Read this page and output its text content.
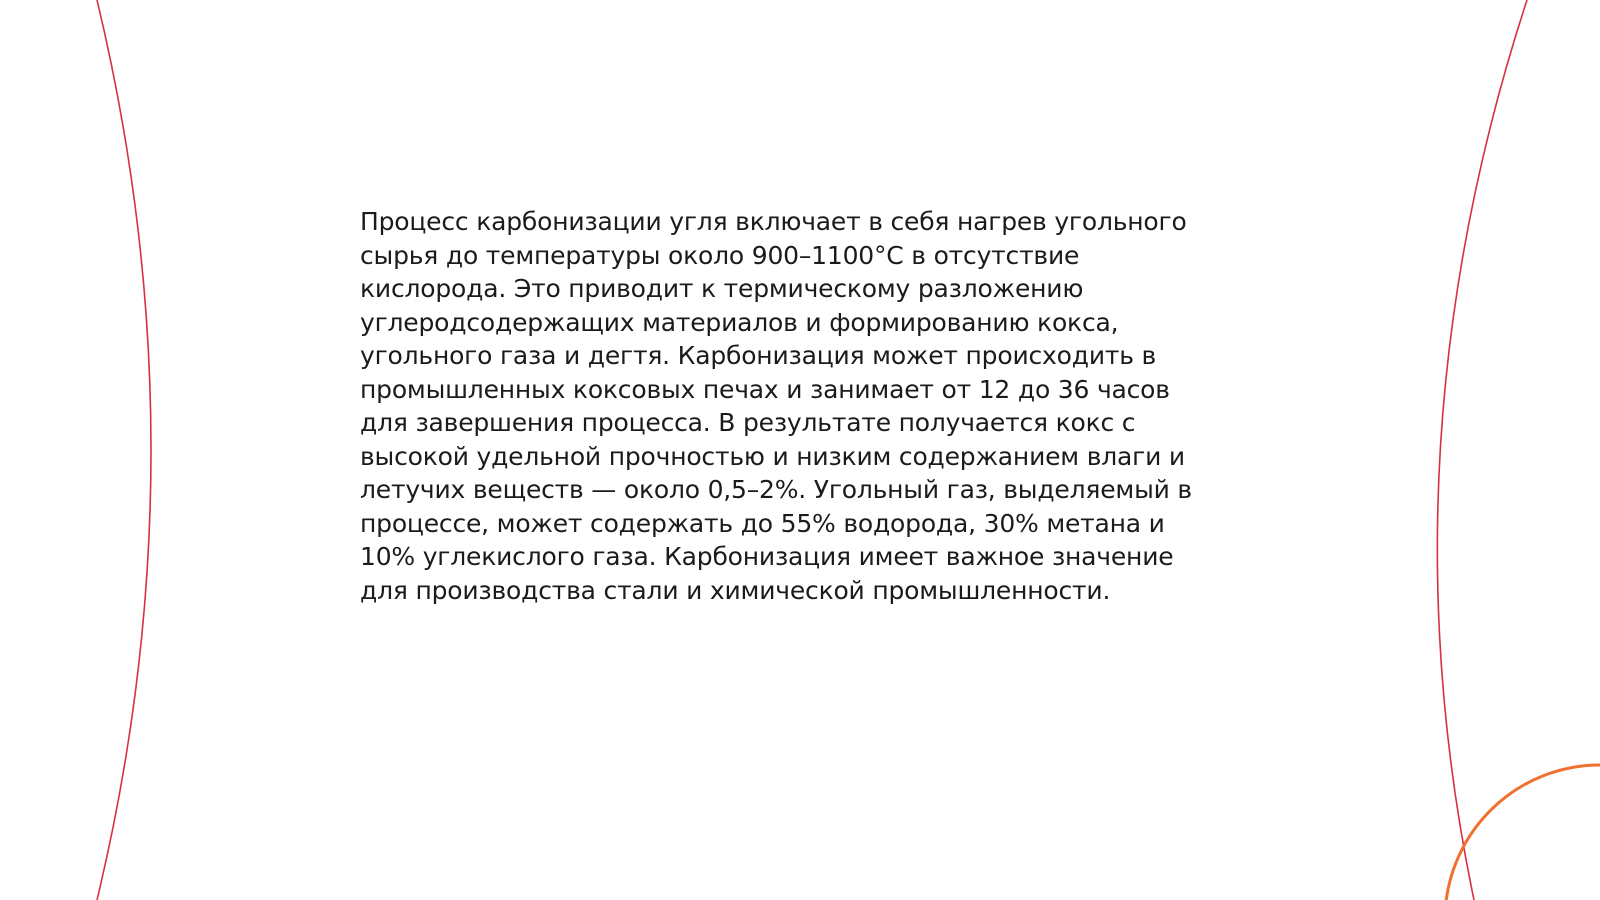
Процесс карбонизации угля включает в себя нагрев угольного
сырья до температуры около 900–1100°C в отсутствие
кислорода. Это приводит к термическому разложению
углеродсодержащих материалов и формированию кокса,
угольного газа и дегтя. Карбонизация может происходить в
промышленных коксовых печах и занимает от 12 до 36 часов
для завершения процесса. В результате получается кокс с
высокой удельной прочностью и низким содержанием влаги и
летучих веществ — около 0,5–2%. Угольный газ, выделяемый в
процессе, может содержать до 55% водорода, 30% метана и
10% углекислого газа. Карбонизация имеет важное значение
для производства стали и химической промышленности.
